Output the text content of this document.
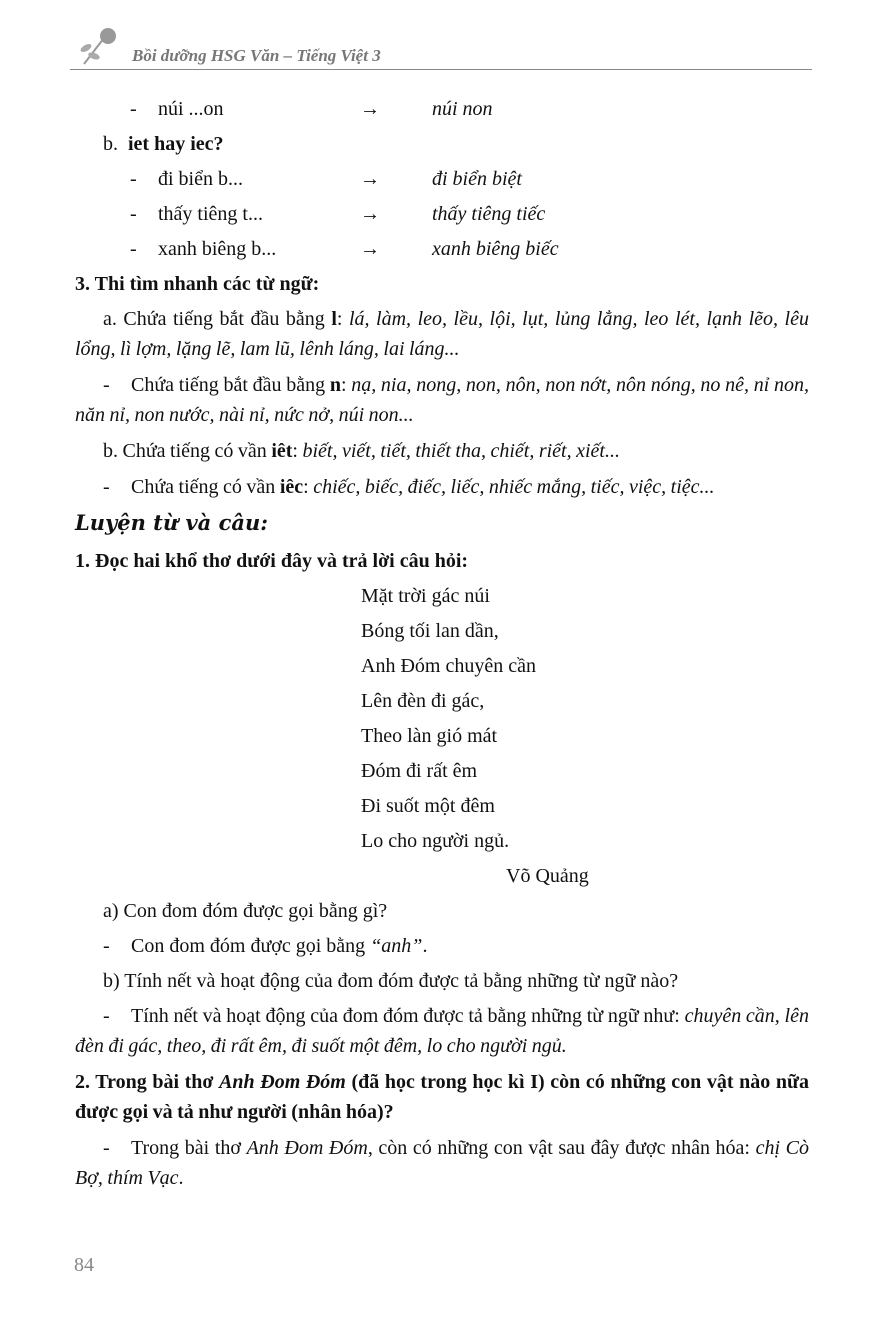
Bồi dưỡng HSG Văn – Tiếng Việt 3
- núi ...on	→	núi non
b. iet hay iec?
- đi biển b...	→	đi biển biệt
- thấy tiêng t...	→	thấy tiêng tiếc
- xanh biêng b...	→	xanh biêng biếc
3. Thi tìm nhanh các từ ngữ:
a. Chứa tiếng bắt đầu bằng l: lá, làm, leo, lều, lội, lụt, lủng lẳng, leo lét, lạnh lẽo, lêu lổng, lì lợm, lặng lẽ, lam lũ, lênh láng, lai láng...
- Chứa tiếng bắt đầu bằng n: nạ, nia, nong, non, nôn, non nớt, nôn nóng, no nê, nỉ non, năn nỉ, non nước, nài nỉ, nức nở, núi non...
b. Chứa tiếng có vần iêt: biết, viết, tiết, thiết tha, chiết, riết, xiết...
- Chứa tiếng có vần iêc: chiếc, biếc, điếc, liếc, nhiếc mắng, tiếc, việc, tiệc...
Luyện từ và câu:
1. Đọc hai khổ thơ dưới đây và trả lời câu hỏi:
Mặt trời gác núi
Bóng tối lan dần,
Anh Đóm chuyên cần
Lên đèn đi gác,
Theo làn gió mát
Đóm đi rất êm
Đi suốt một đêm
Lo cho người ngủ.
Võ Quảng
a) Con đom đóm được gọi bằng gì?
- Con đom đóm được gọi bằng “anh”.
b) Tính nết và hoạt động của đom đóm được tả bằng những từ ngữ nào?
- Tính nết và hoạt động của đom đóm được tả bằng những từ ngữ như: chuyên cần, lên đèn đi gác, theo, đi rất êm, đi suốt một đêm, lo cho người ngủ.
2. Trong bài thơ Anh Đom Đóm (đã học trong học kì I) còn có những con vật nào nữa được gọi và tả như người (nhân hóa)?
- Trong bài thơ Anh Đom Đóm, còn có những con vật sau đây được nhân hóa: chị Cò Bợ, thím Vạc.
84
